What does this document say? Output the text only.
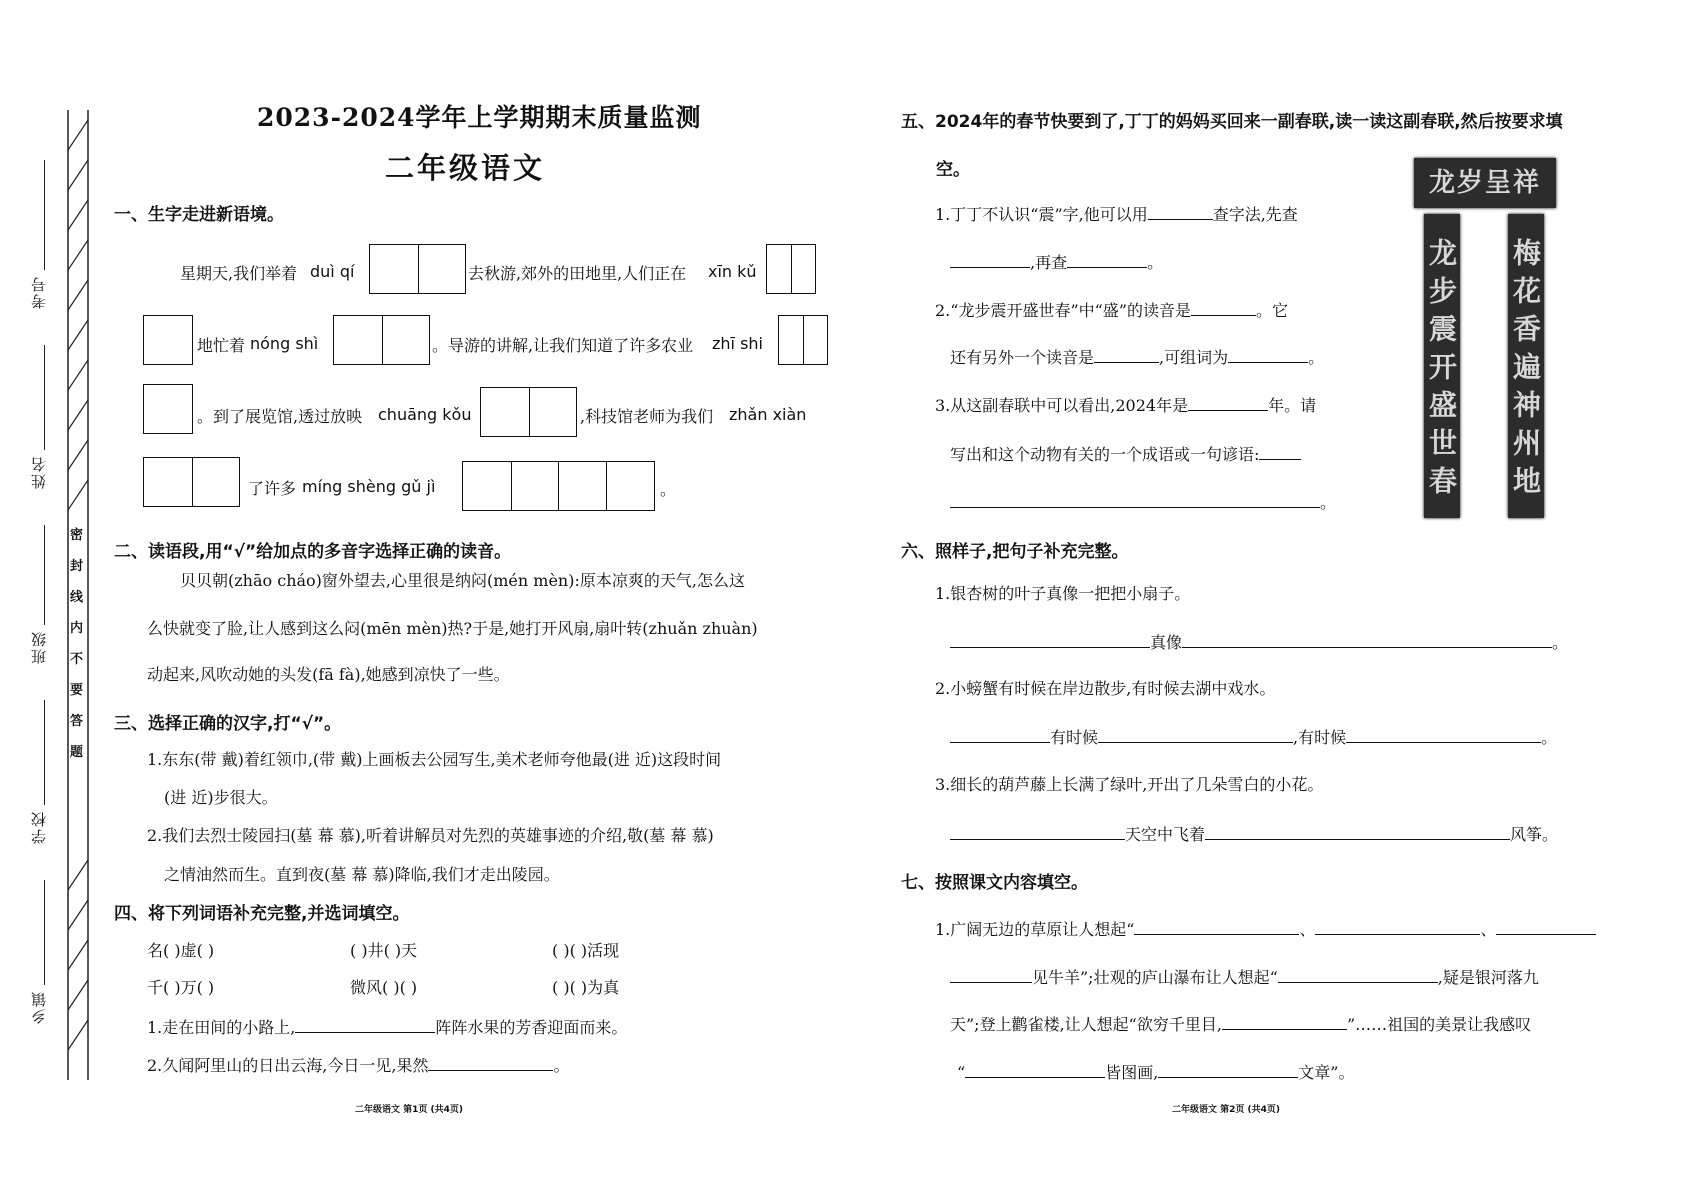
考号
姓名
班级
学校
乡镇
密封线内不要答题
2023-2024学年上学期期末质量监测
二年级语文
一、生字走进新语境。
星期天,我们举着 duì qí	去秋游,郊外的田地里,人们正在 xīn kǔ
地忙着 nóng shì	。导游的讲解,让我们知道了许多农业 zhī shi
。到了展览馆,透过放映 chuāng kǒu	,科技馆老师为我们 zhǎn xiàn
了许多 míng shèng gǔ jì	。
二、读语段,用“√”给加点的多音字选择正确的读音。
贝贝朝(zhāo cháo)窗外望去,心里很是纳闷(mén mèn):原本凉爽的天气,怎么这
么快就变了脸,让人感到这么闷(mēn mèn)热?于是,她打开风扇,扇叶转(zhuǎn zhuàn)
动起来,风吹动她的头发(fā fà),她感到凉快了一些。
三、选择正确的汉字,打“√”。
1.东东(带 戴)着红领巾,(带 戴)上画板去公园写生,美术老师夸他最(进 近)这段时间
(进 近)步很大。
2.我们去烈士陵园扫(墓 幕 慕),听着讲解员对先烈的英雄事迹的介绍,敬(墓 幕 慕)
之情油然而生。直到夜(墓 幕 慕)降临,我们才走出陵园。
四、将下列词语补充完整,并选词填空。
名( )虚( )	( )井( )天	( )( )活现
千( )万( )	微风( )( )	( )( )为真
1.走在田间的小路上,	阵阵水果的芳香迎面而来。
2.久闻阿里山的日出云海,今日一见,果然	。
二年级语文 第1页 (共4页)
五、2024年的春节快要到了,丁丁的妈妈买回来一副春联,读一读这副春联,然后按要求填
空。	龙岁呈祥
龙步震开盛世春 梅花香遍神州地
1.丁丁不认识“震”字,他可以用	查字法,先查
,再查	。
2.“龙步震开盛世春”中“盛”的读音是	。它
还有另外一个读音是	,可组词为	。
3.从这副春联中可以看出,2024年是	年。请
写出和这个动物有关的一个成语或一句谚语:
。
六、照样子,把句子补充完整。
1.银杏树的叶子真像一把把小扇子。
真像	。
2.小螃蟹有时候在岸边散步,有时候去湖中戏水。
有时候	,有时候	。
3.细长的葫芦藤上长满了绿叶,开出了几朵雪白的小花。
天空中飞着	风筝。
七、按照课文内容填空。
1.广阔无边的草原让人想起“	、	、
见牛羊”;壮观的庐山瀑布让人想起“	,疑是银河落九
天”;登上鹳雀楼,让人想起“欲穷千里目,	”……祖国的美景让我感叹
“	皆图画,	文章”。
二年级语文 第2页 (共4页)
